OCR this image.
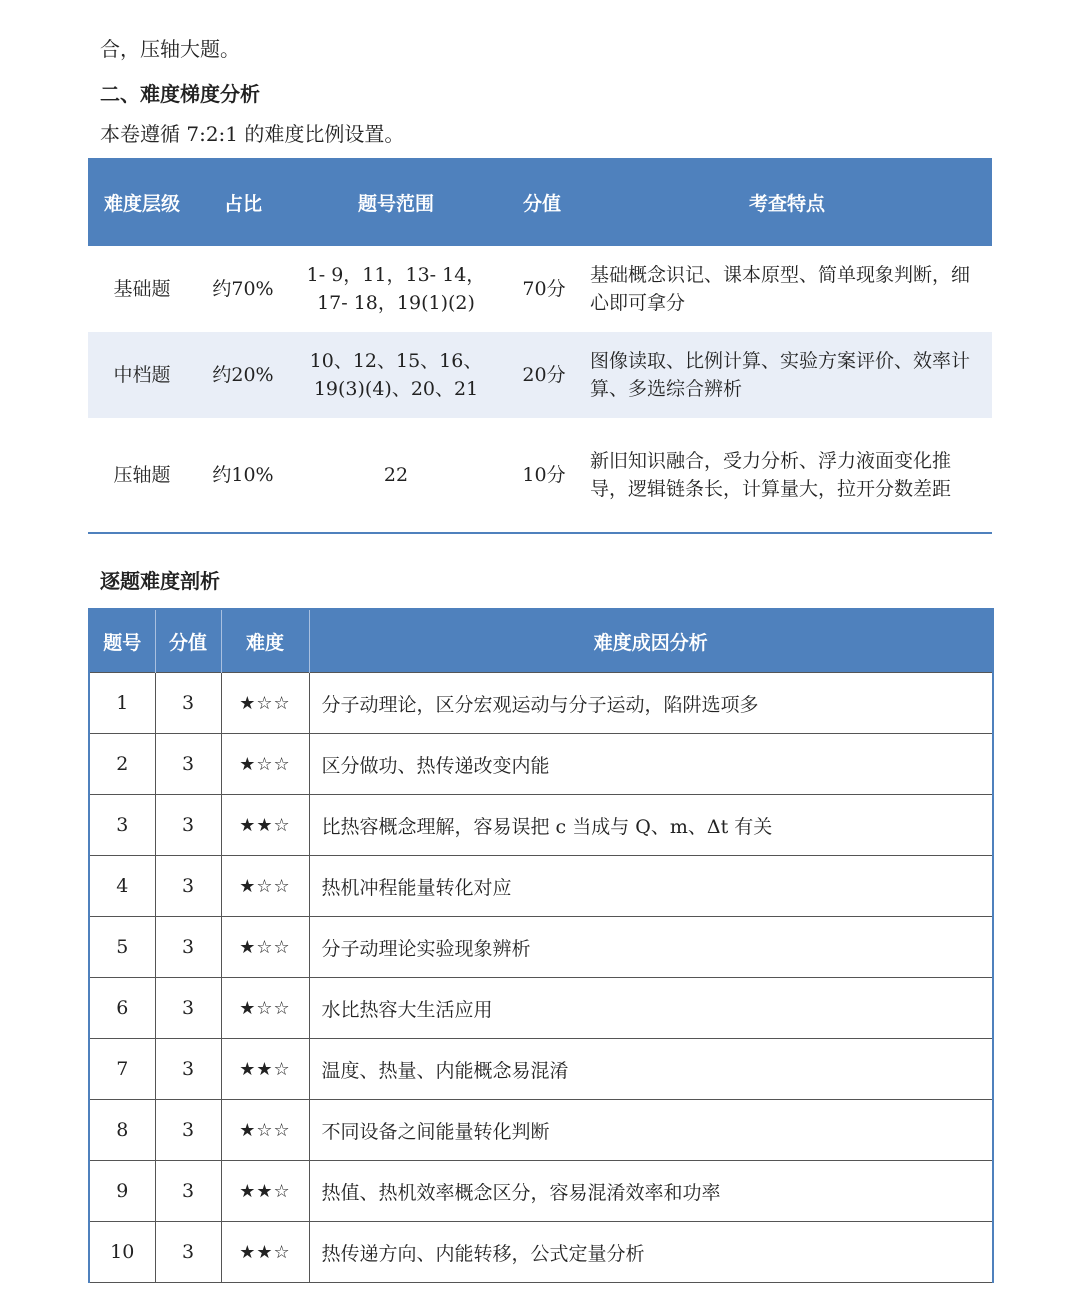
合，压轴大题。
二、难度梯度分析
本卷遵循 7:2:1 的难度比例设置。
难度层级	占比	题号范围	分值	考查特点
基础题	约70%	1- 9，11，13- 14，17- 18，19(1)(2)	70分	基础概念识记、课本原型、简单现象判断，细心即可拿分
中档题	约20%	10、12、15、16、19(3)(4)、20、21	20分	图像读取、比例计算、实验方案评价、效率计算、多选综合辨析
压轴题	约10%	22	10分	新旧知识融合，受力分析、浮力液面变化推导，逻辑链条长，计算量大，拉开分数差距
逐题难度剖析
题号	分值	难度	难度成因分析
1	3	★☆☆	分子动理论，区分宏观运动与分子运动，陷阱选项多
2	3	★☆☆	区分做功、热传递改变内能
3	3	★★☆	比热容概念理解，容易误把 c 当成与 Q、m、Δt 有关
4	3	★☆☆	热机冲程能量转化对应
5	3	★☆☆	分子动理论实验现象辨析
6	3	★☆☆	水比热容大生活应用
7	3	★★☆	温度、热量、内能概念易混淆
8	3	★☆☆	不同设备之间能量转化判断
9	3	★★☆	热值、热机效率概念区分，容易混淆效率和功率
10	3	★★☆	热传递方向、内能转移，公式定量分析
